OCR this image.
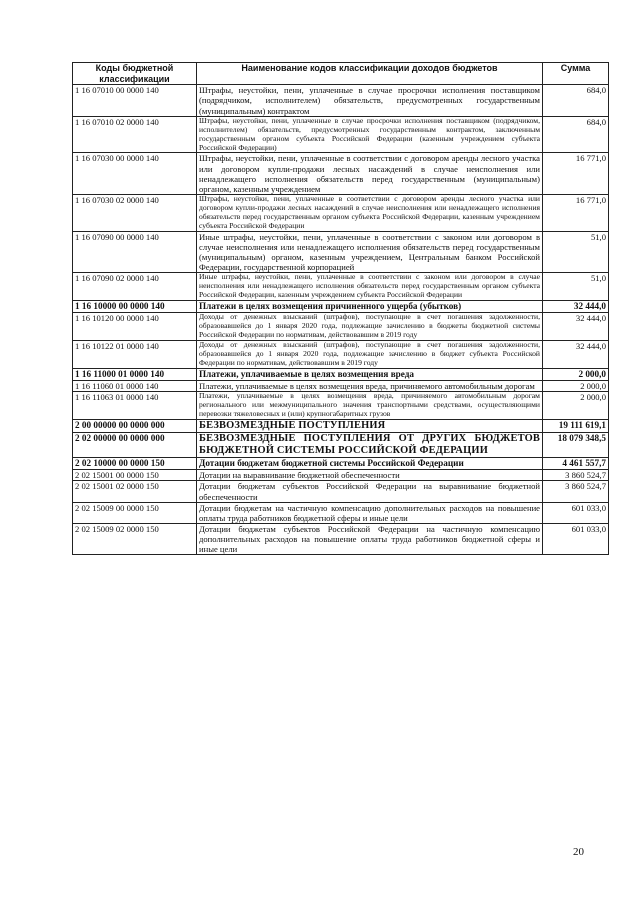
Коды бюджетной классификации	Наименование кодов классификации доходов бюджетов	Сумма
1 16 07010 00 0000 140	Штрафы, неустойки, пени, уплаченные в случае просрочки исполнения поставщиком (подрядчиком, исполнителем) обязательств, предусмотренных государственным (муниципальным) контрактом	684,0
1 16 07010 02 0000 140	Штрафы, неустойки, пени, уплаченные в случае просрочки исполнения поставщиком (подрядчиком, исполнителем) обязательств, предусмотренных государственным контрактом, заключенным государственным органом субъекта Российской Федерации (казенным учреждением субъекта Российской Федерации)	684,0
1 16 07030 00 0000 140	Штрафы, неустойки, пени, уплаченные в соответствии с договором аренды лесного участка или договором купли-продажи лесных насаждений в случае неисполнения или ненадлежащего исполнения обязательств перед государственным (муниципальным) органом, казенным учреждением	16 771,0
1 16 07030 02 0000 140	Штрафы, неустойки, пени, уплаченные в соответствии с договором аренды лесного участка или договором купли-продажи лесных насаждений в случае неисполнения или ненадлежащего исполнения обязательств перед государственным органом субъекта Российской Федерации, казенным учреждением субъекта Российской Федерации	16 771,0
1 16 07090 00 0000 140	Иные штрафы, неустойки, пени, уплаченные в соответствии с законом или договором в случае неисполнения или ненадлежащего исполнения обязательств перед государственным (муниципальным) органом, казенным учреждением, Центральным банком Российской Федерации, государственной корпорацией	51,0
1 16 07090 02 0000 140	Иные штрафы, неустойки, пени, уплаченные в соответствии с законом или договором в случае неисполнения или ненадлежащего исполнения обязательств перед государственным органом субъекта Российской Федерации, казенным учреждением субъекта Российской Федерации	51,0
1 16 10000 00 0000 140	Платежи в целях возмещения причиненного ущерба (убытков)	32 444,0
1 16 10120 00 0000 140	Доходы от денежных взысканий (штрафов), поступающие в счет погашения задолженности, образовавшейся до 1 января 2020 года, подлежащие зачислению в бюджеты бюджетной системы Российской Федерации по нормативам, действовавшим в 2019 году	32 444,0
1 16 10122 01 0000 140	Доходы от денежных взысканий (штрафов), поступающие в счет погашения задолженности, образовавшейся до 1 января 2020 года, подлежащие зачислению в бюджет субъекта Российской Федерации по нормативам, действовавшим в 2019 году	32 444,0
1 16 11000 01 0000 140	Платежи, уплачиваемые в целях возмещения вреда	2 000,0
1 16 11060 01 0000 140	Платежи, уплачиваемые в целях возмещения вреда, причиняемого автомобильным дорогам	2 000,0
1 16 11063 01 0000 140	Платежи, уплачиваемые в целях возмещения вреда, причиняемого автомобильным дорогам регионального или межмуниципального значения транспортными средствами, осуществляющими перевозки тяжеловесных и (или) крупногабаритных грузов	2 000,0
2 00 00000 00 0000 000	БЕЗВОЗМЕЗДНЫЕ ПОСТУПЛЕНИЯ	19 111 619,1
2 02 00000 00 0000 000	БЕЗВОЗМЕЗДНЫЕ ПОСТУПЛЕНИЯ ОТ ДРУГИХ БЮДЖЕТОВ БЮДЖЕТНОЙ СИСТЕМЫ РОССИЙСКОЙ ФЕДЕРАЦИИ	18 079 348,5
2 02 10000 00 0000 150	Дотации бюджетам бюджетной системы Российской Федерации	4 461 557,7
2 02 15001 00 0000 150	Дотации на выравнивание бюджетной обеспеченности	3 860 524,7
2 02 15001 02 0000 150	Дотации бюджетам субъектов Российской Федерации на выравнивание бюджетной обеспеченности	3 860 524,7
2 02 15009 00 0000 150	Дотации бюджетам на частичную компенсацию дополнительных расходов на повышение оплаты труда работников бюджетной сферы и иные цели	601 033,0
2 02 15009 02 0000 150	Дотации бюджетам субъектов Российской Федерации на частичную компенсацию дополнительных расходов на повышение оплаты труда работников бюджетной сферы и иные цели	601 033,0
20
